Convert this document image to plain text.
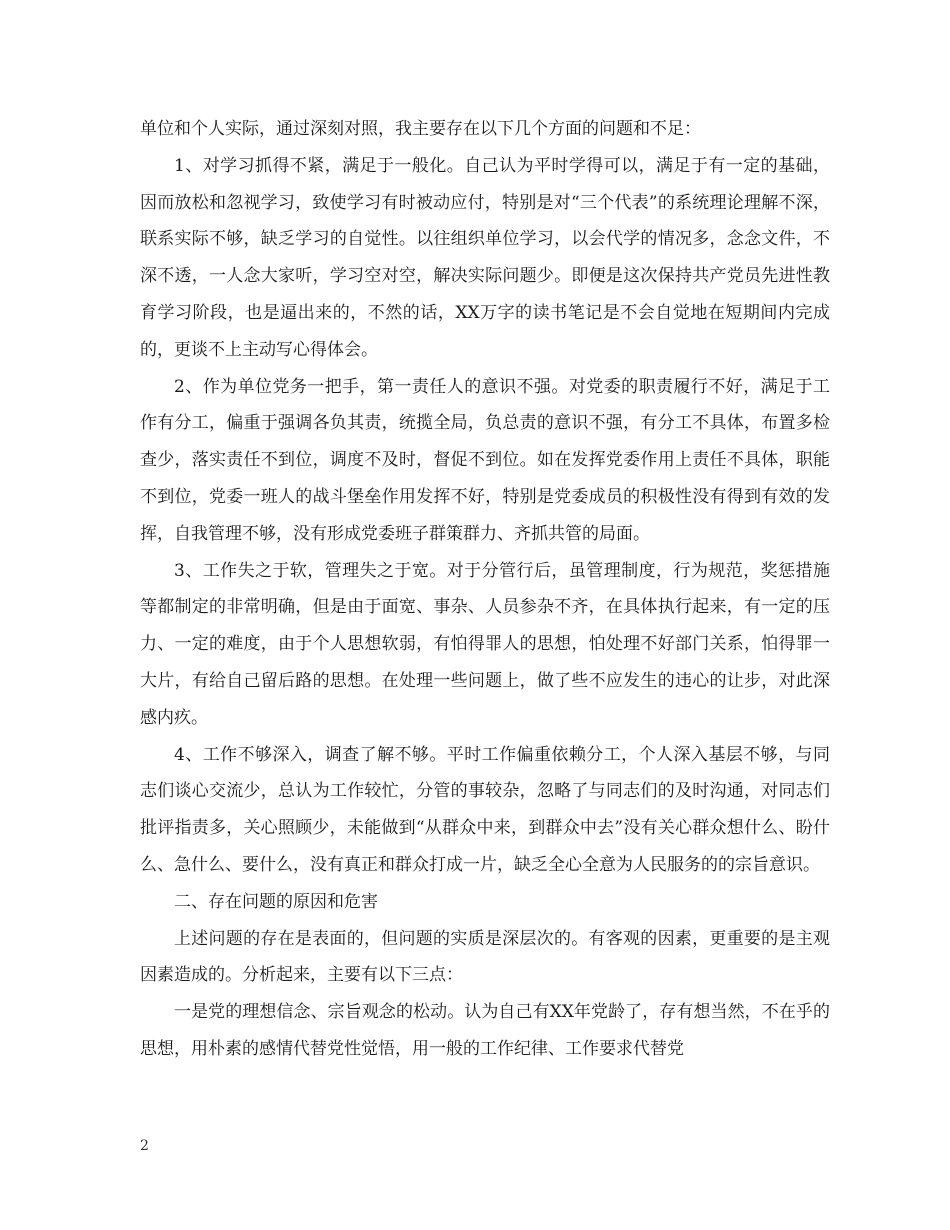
单位和个人实际，通过深刻对照，我主要存在以下几个方面的问题和不足：

1、对学习抓得不紧，满足于一般化。自己认为平时学得可以，满足于有一定的基础，因而放松和忽视学习，致使学习有时被动应付，特别是对“三个代表”的系统理论理解不深，联系实际不够，缺乏学习的自觉性。以往组织单位学习，以会代学的情况多，念念文件，不深不透，一人念大家听，学习空对空，解决实际问题少。即便是这次保持共产党员先进性教育学习阶段，也是逼出来的，不然的话，XX万字的读书笔记是不会自觉地在短期间内完成的，更谈不上主动写心得体会。

2、作为单位党务一把手，第一责任人的意识不强。对党委的职责履行不好，满足于工作有分工，偏重于强调各负其责，统揽全局，负总责的意识不强，有分工不具体，布置多检查少，落实责任不到位，调度不及时，督促不到位。如在发挥党委作用上责任不具体，职能不到位，党委一班人的战斗堡垒作用发挥不好，特别是党委成员的积极性没有得到有效的发挥，自我管理不够，没有形成党委班子群策群力、齐抓共管的局面。

3、工作失之于软，管理失之于宽。对于分管行后，虽管理制度，行为规范，奖惩措施等都制定的非常明确，但是由于面宽、事杂、人员参杂不齐，在具体执行起来，有一定的压力、一定的难度，由于个人思想软弱，有怕得罪人的思想，怕处理不好部门关系，怕得罪一大片，有给自己留后路的思想。在处理一些问题上，做了些不应发生的违心的让步，对此深感内疚。

4、工作不够深入，调查了解不够。平时工作偏重依赖分工，个人深入基层不够，与同志们谈心交流少，总认为工作较忙，分管的事较杂，忽略了与同志们的及时沟通，对同志们批评指责多，关心照顾少，未能做到“从群众中来，到群众中去”没有关心群众想什么、盼什么、急什么、要什么，没有真正和群众打成一片，缺乏全心全意为人民服务的的宗旨意识。

二、存在问题的原因和危害

上述问题的存在是表面的，但问题的实质是深层次的。有客观的因素，更重要的是主观因素造成的。分析起来，主要有以下三点：

一是党的理想信念、宗旨观念的松动。认为自己有XX年党龄了，存有想当然，不在乎的思想，用朴素的感情代替党性觉悟，用一般的工作纪律、工作要求代替党

2
